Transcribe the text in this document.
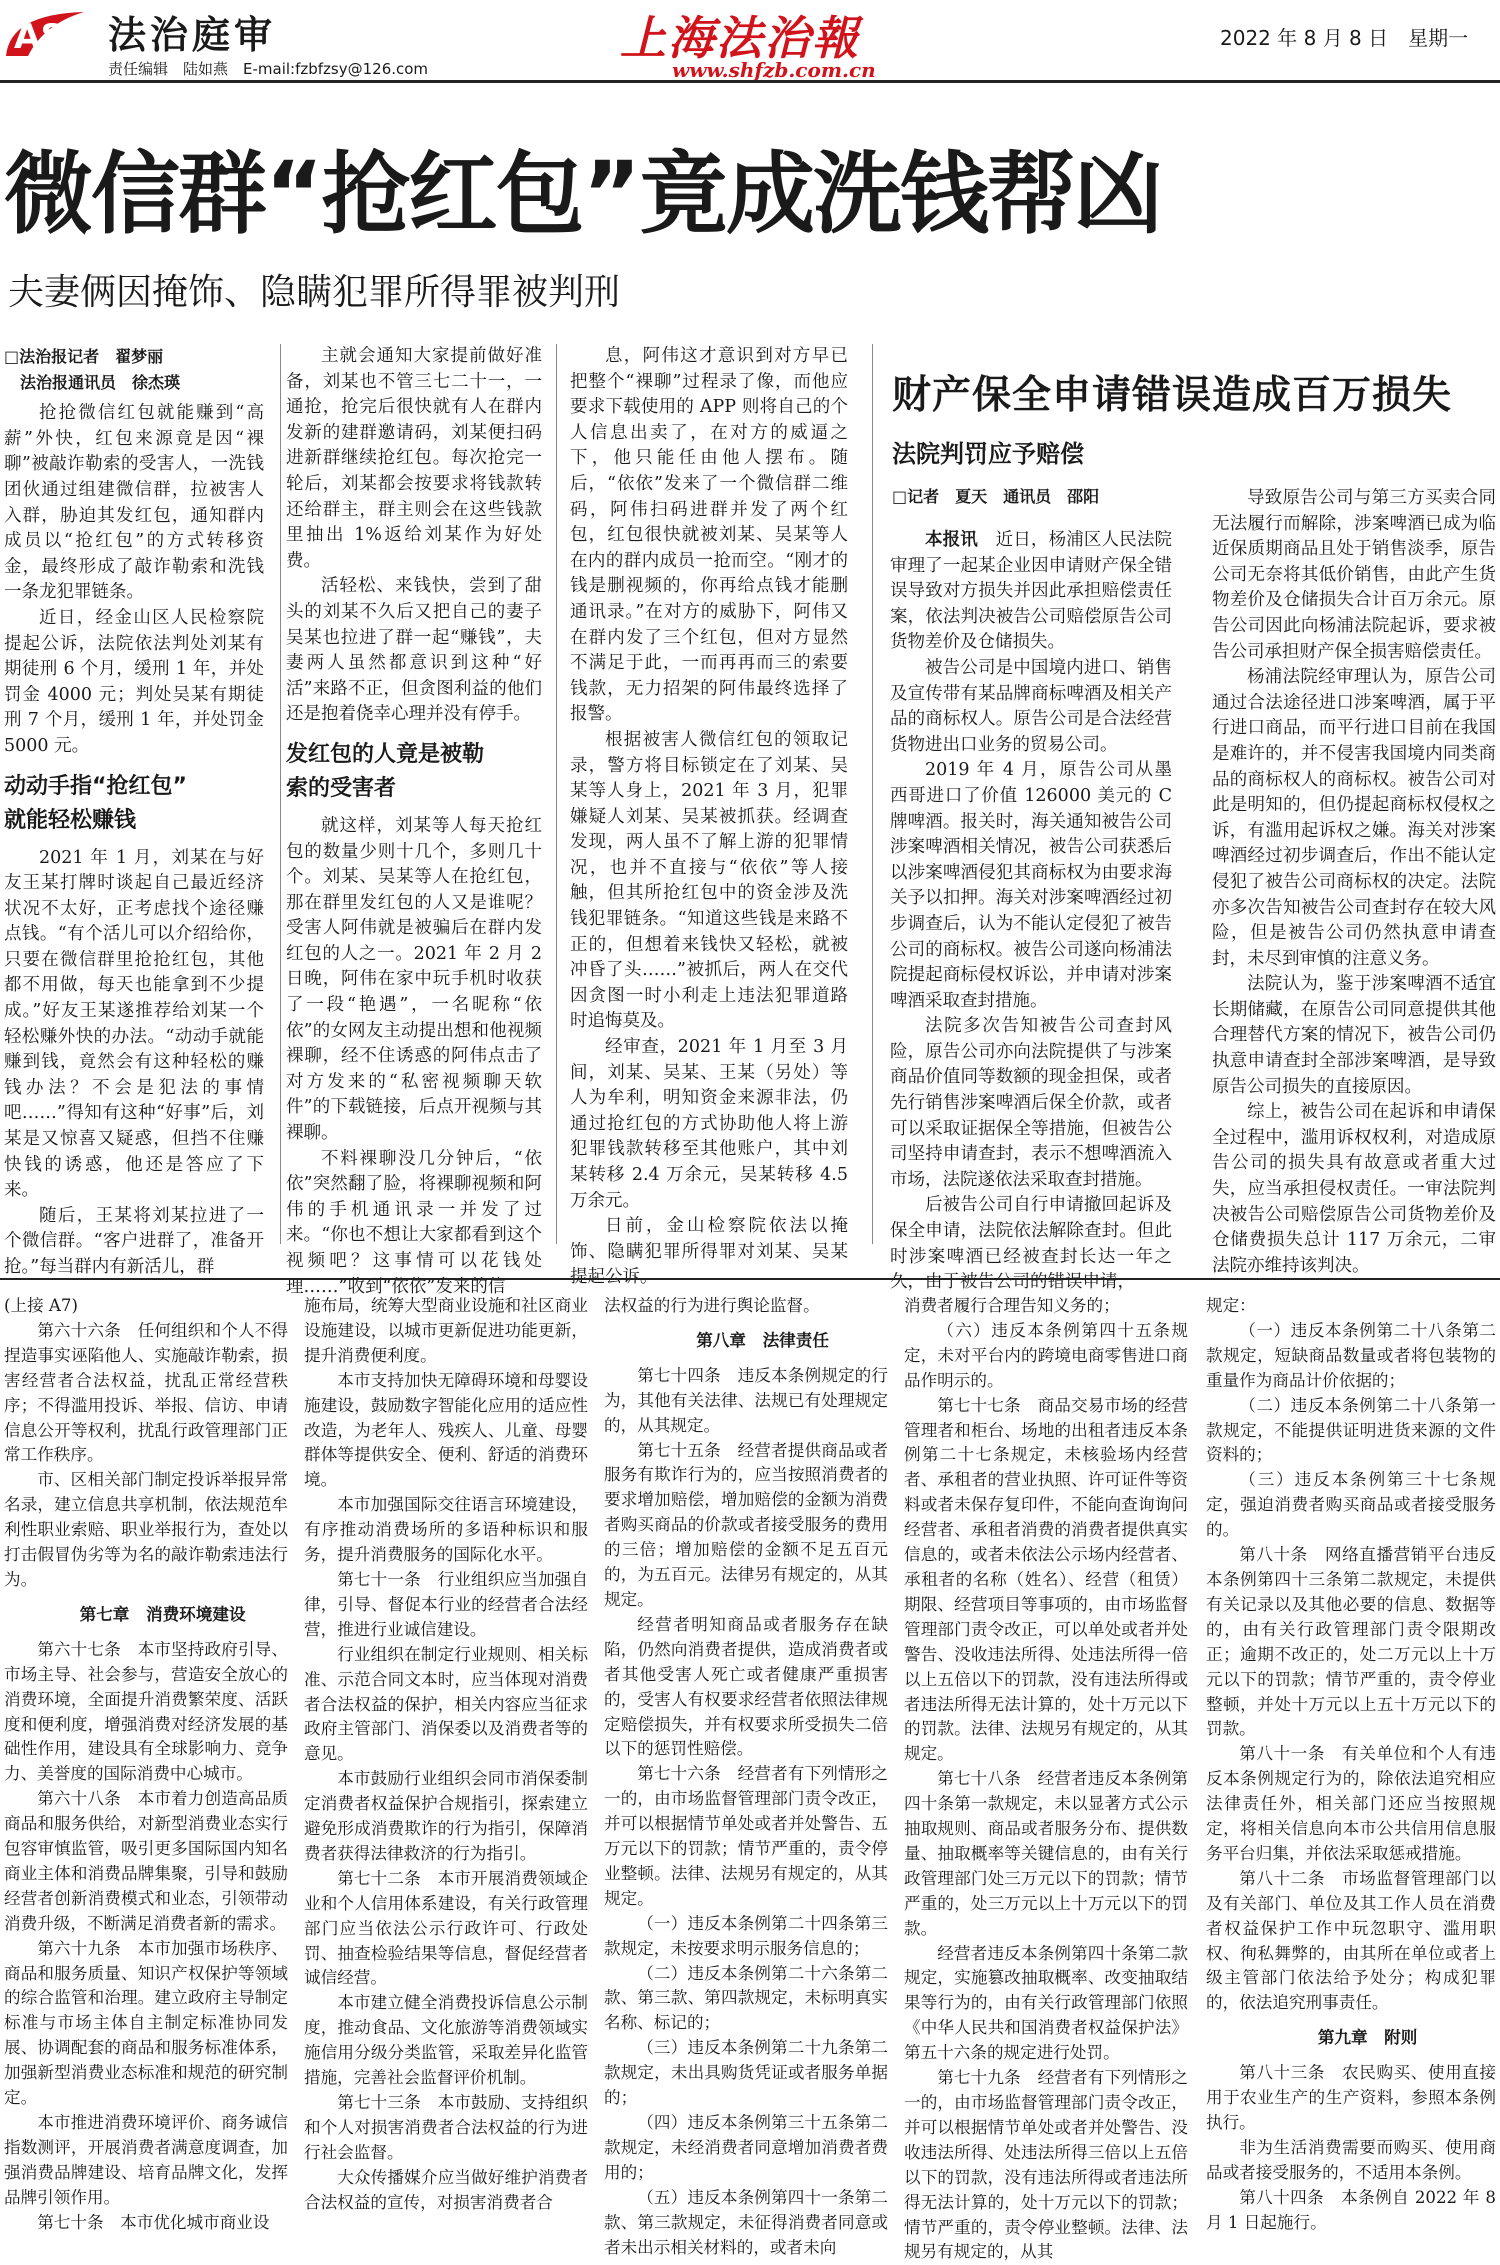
A8 法治庭审
责任编辑　陆如燕　E-mail:fzbfzsy@126.com
上海法治報
www.shfzb.com.cn
2022 年 8 月 8 日　星期一
微信群“抢红包”竟成洗钱帮凶
夫妻俩因掩饰、隐瞒犯罪所得罪被判刑

□法治报记者　翟梦丽

　法治报通讯员　徐杰瑛

抢抢微信红包就能赚到“高薪”外快，红包来源竟是因“裸聊”被敲诈勒索的受害人，一洗钱团伙通过组建微信群，拉被害人入群，胁迫其发红包，通知群内成员以“抢红包”的方式转移资金，最终形成了敲诈勒索和洗钱一条龙犯罪链条。

近日，经金山区人民检察院提起公诉，法院依法判处刘某有期徒刑 6 个月，缓刑 1 年，并处罚金 4000 元；判处吴某有期徒刑 7 个月，缓刑 1 年，并处罚金 5000 元。

动动手指“抢红包”
就能轻松赚钱

2021 年 1 月，刘某在与好友王某打牌时谈起自己最近经济状况不太好，正考虑找个途径赚点钱。“有个活儿可以介绍给你，只要在微信群里抢抢红包，其他都不用做，每天也能拿到不少提成。”好友王某遂推荐给刘某一个轻松赚外快的办法。“动动手就能赚到钱，竟然会有这种轻松的赚钱办法？不会是犯法的事情吧……”得知有这种“好事”后，刘某是又惊喜又疑惑，但挡不住赚快钱的诱惑，他还是答应了下来。

随后，王某将刘某拉进了一个微信群。“客户进群了，准备开抢。”每当群内有新活儿，群

主就会通知大家提前做好准备，刘某也不管三七二十一，一通抢，抢完后很快就有人在群内发新的建群邀请码，刘某便扫码进新群继续抢红包。每次抢完一轮后，刘某都会按要求将钱款转还给群主，群主则会在这些钱款里抽出 1%返给刘某作为好处费。

活轻松、来钱快，尝到了甜头的刘某不久后又把自己的妻子吴某也拉进了群一起“赚钱”，夫妻两人虽然都意识到这种“好活”来路不正，但贪图利益的他们还是抱着侥幸心理并没有停手。

发红包的人竟是被勒
索的受害者

就这样，刘某等人每天抢红包的数量少则十几个，多则几十个。刘某、吴某等人在抢红包，那在群里发红包的人又是谁呢？受害人阿伟就是被骗后在群内发红包的人之一。2021 年 2 月 2 日晚，阿伟在家中玩手机时收获了一段“艳遇”，一名昵称“依依”的女网友主动提出想和他视频裸聊，经不住诱惑的阿伟点击了对方发来的“私密视频聊天软件”的下载链接，后点开视频与其裸聊。

不料裸聊没几分钟后，“依依”突然翻了脸，将裸聊视频和阿伟的手机通讯录一并发了过来。“你也不想让大家都看到这个视频吧？这事情可以花钱处理……”收到“依依”发来的信

息，阿伟这才意识到对方早已把整个“裸聊”过程录了像，而他应要求下载使用的 APP 则将自己的个人信息出卖了，在对方的威逼之下，他只能任由他人摆布。随后，“依依”发来了一个微信群二维码，阿伟扫码进群并发了两个红包，红包很快就被刘某、吴某等人在内的群内成员一抢而空。“刚才的钱是删视频的，你再给点钱才能删通讯录。”在对方的威胁下，阿伟又在群内发了三个红包，但对方显然不满足于此，一而再再而三的索要钱款，无力招架的阿伟最终选择了报警。

根据被害人微信红包的领取记录，警方将目标锁定在了刘某、吴某等人身上，2021 年 3 月，犯罪嫌疑人刘某、吴某被抓获。经调查发现，两人虽不了解上游的犯罪情况，也并不直接与“依依”等人接触，但其所抢红包中的资金涉及洗钱犯罪链条。“知道这些钱是来路不正的，但想着来钱快又轻松，就被冲昏了头……”被抓后，两人在交代因贪图一时小利走上违法犯罪道路时追悔莫及。

经审查，2021 年 1 月至 3 月间，刘某、吴某、王某（另处）等人为牟利，明知资金来源非法，仍通过抢红包的方式协助他人将上游犯罪钱款转移至其他账户，其中刘某转移 2.4 万余元，吴某转移 4.5 万余元。

日前，金山检察院依法以掩饰、隐瞒犯罪所得罪对刘某、吴某提起公诉。

财产保全申请错误造成百万损失
法院判罚应予赔偿
□记者　夏天　通讯员　邵阳

本报讯　近日，杨浦区人民法院审理了一起某企业因申请财产保全错误导致对方损失并因此承担赔偿责任案，依法判决被告公司赔偿原告公司货物差价及仓储损失。

被告公司是中国境内进口、销售及宣传带有某品牌商标啤酒及相关产品的商标权人。原告公司是合法经营货物进出口业务的贸易公司。

2019 年 4 月，原告公司从墨西哥进口了价值 126000 美元的 C 牌啤酒。报关时，海关通知被告公司涉案啤酒相关情况，被告公司获悉后以涉案啤酒侵犯其商标权为由要求海关予以扣押。海关对涉案啤酒经过初步调查后，认为不能认定侵犯了被告公司的商标权。被告公司遂向杨浦法院提起商标侵权诉讼，并申请对涉案啤酒采取查封措施。

法院多次告知被告公司查封风险，原告公司亦向法院提供了与涉案商品价值同等数额的现金担保，或者先行销售涉案啤酒后保全价款，或者可以采取证据保全等措施，但被告公司坚持申请查封，表示不想啤酒流入市场，法院遂依法采取查封措施。

后被告公司自行申请撤回起诉及保全申请，法院依法解除查封。但此时涉案啤酒已经被查封长达一年之久，由于被告公司的错误申请，

导致原告公司与第三方买卖合同无法履行而解除，涉案啤酒已成为临近保质期商品且处于销售淡季，原告公司无奈将其低价销售，由此产生货物差价及仓储损失合计百万余元。原告公司因此向杨浦法院起诉，要求被告公司承担财产保全损害赔偿责任。

杨浦法院经审理认为，原告公司通过合法途径进口涉案啤酒，属于平行进口商品，而平行进口目前在我国是难许的，并不侵害我国境内同类商品的商标权人的商标权。被告公司对此是明知的，但仍提起商标权侵权之诉，有滥用起诉权之嫌。海关对涉案啤酒经过初步调查后，作出不能认定侵犯了被告公司商标权的决定。法院亦多次告知被告公司查封存在较大风险，但是被告公司仍然执意申请查封，未尽到审慎的注意义务。

法院认为，鉴于涉案啤酒不适宜长期储藏，在原告公司同意提供其他合理替代方案的情况下，被告公司仍执意申请查封全部涉案啤酒，是导致原告公司损失的直接原因。

综上，被告公司在起诉和申请保全过程中，滥用诉权权利，对造成原告公司的损失具有故意或者重大过失，应当承担侵权责任。一审法院判决被告公司赔偿原告公司货物差价及仓储费损失总计 117 万余元，二审法院亦维持该判决。

(上接 A7)

第六十六条　任何组织和个人不得捏造事实诬陷他人、实施敲诈勒索，损害经营者合法权益，扰乱正常经营秩序；不得滥用投诉、举报、信访、申请信息公开等权利，扰乱行政管理部门正常工作秩序。

市、区相关部门制定投诉举报异常名录，建立信息共享机制，依法规范牟利性职业索赔、职业举报行为，查处以打击假冒伪劣等为名的敲诈勒索违法行为。

第七章　消费环境建设

第六十七条　本市坚持政府引导、市场主导、社会参与，营造安全放心的消费环境，全面提升消费繁荣度、活跃度和便利度，增强消费对经济发展的基础性作用，建设具有全球影响力、竞争力、美誉度的国际消费中心城市。

第六十八条　本市着力创造高品质商品和服务供给，对新型消费业态实行包容审慎监管，吸引更多国际国内知名商业主体和消费品牌集聚，引导和鼓励经营者创新消费模式和业态，引领带动消费升级，不断满足消费者新的需求。

第六十九条　本市加强市场秩序、商品和服务质量、知识产权保护等领域的综合监管和治理。建立政府主导制定标准与市场主体自主制定标准协同发展、协调配套的商品和服务标准体系，加强新型消费业态标准和规范的研究制定。

本市推进消费环境评价、商务诚信指数测评，开展消费者满意度调查，加强消费品牌建设、培育品牌文化，发挥品牌引领作用。

第七十条　本市优化城市商业设

施布局，统筹大型商业设施和社区商业设施建设，以城市更新促进功能更新，提升消费便利度。

本市支持加快无障碍环境和母婴设施建设，鼓励数字智能化应用的适应性改造，为老年人、残疾人、儿童、母婴群体等提供安全、便利、舒适的消费环境。

本市加强国际交往语言环境建设，有序推动消费场所的多语种标识和服务，提升消费服务的国际化水平。

第七十一条　行业组织应当加强自律，引导、督促本行业的经营者合法经营，推进行业诚信建设。

行业组织在制定行业规则、相关标准、示范合同文本时，应当体现对消费者合法权益的保护，相关内容应当征求政府主管部门、消保委以及消费者等的意见。

本市鼓励行业组织会同市消保委制定消费者权益保护合规指引，探索建立避免形成消费欺诈的行为指引，保障消费者获得法律救济的行为指引。

第七十二条　本市开展消费领域企业和个人信用体系建设，有关行政管理部门应当依法公示行政许可、行政处罚、抽查检验结果等信息，督促经营者诚信经营。

本市建立健全消费投诉信息公示制度，推动食品、文化旅游等消费领域实施信用分级分类监管，采取差异化监管措施，完善社会监督评价机制。

第七十三条　本市鼓励、支持组织和个人对损害消费者合法权益的行为进行社会监督。

大众传播媒介应当做好维护消费者合法权益的宣传，对损害消费者合

法权益的行为进行舆论监督。

第八章　法律责任

第七十四条　违反本条例规定的行为，其他有关法律、法规已有处理规定的，从其规定。

第七十五条　经营者提供商品或者服务有欺诈行为的，应当按照消费者的要求增加赔偿，增加赔偿的金额为消费者购买商品的价款或者接受服务的费用的三倍；增加赔偿的金额不足五百元的，为五百元。法律另有规定的，从其规定。

经营者明知商品或者服务存在缺陷，仍然向消费者提供，造成消费者或者其他受害人死亡或者健康严重损害的，受害人有权要求经营者依照法律规定赔偿损失，并有权要求所受损失二倍以下的惩罚性赔偿。

第七十六条　经营者有下列情形之一的，由市场监督管理部门责令改正，并可以根据情节单处或者并处警告、五万元以下的罚款；情节严重的，责令停业整顿。法律、法规另有规定的，从其规定。

（一）违反本条例第二十四条第三款规定，未按要求明示服务信息的；

（二）违反本条例第二十六条第二款、第三款、第四款规定，未标明真实名称、标记的；

（三）违反本条例第二十九条第二款规定，未出具购货凭证或者服务单据的；

（四）违反本条例第三十五条第二款规定，未经消费者同意增加消费者费用的；

（五）违反本条例第四十一条第二款、第三款规定，未征得消费者同意或者未出示相关材料的，或者未向

消费者履行合理告知义务的；

（六）违反本条例第四十五条规定，未对平台内的跨境电商零售进口商品作明示的。

第七十七条　商品交易市场的经营管理者和柜台、场地的出租者违反本条例第二十七条规定，未核验场内经营者、承租者的营业执照、许可证件等资料或者未保存复印件，不能向查询询问经营者、承租者消费的消费者提供真实信息的，或者未依法公示场内经营者、承租者的名称（姓名）、经营（租赁）期限、经营项目等事项的，由市场监督管理部门责令改正，可以单处或者并处警告、没收违法所得、处违法所得一倍以上五倍以下的罚款，没有违法所得或者违法所得无法计算的，处十万元以下的罚款。法律、法规另有规定的，从其规定。

第七十八条　经营者违反本条例第四十条第一款规定，未以显著方式公示抽取规则、商品或者服务分布、提供数量、抽取概率等关键信息的，由有关行政管理部门处三万元以下的罚款；情节严重的，处三万元以上十万元以下的罚款。

经营者违反本条例第四十条第二款规定，实施篡改抽取概率、改变抽取结果等行为的，由有关行政管理部门依照《中华人民共和国消费者权益保护法》第五十六条的规定进行处罚。

第七十九条　经营者有下列情形之一的，由市场监督管理部门责令改正，并可以根据情节单处或者并处警告、没收违法所得、处违法所得三倍以上五倍以下的罚款，没有违法所得或者违法所得无法计算的，处十万元以下的罚款；情节严重的，责令停业整顿。法律、法规另有规定的，从其

规定：

（一）违反本条例第二十八条第二款规定，短缺商品数量或者将包装物的重量作为商品计价依据的；

（二）违反本条例第二十八条第一款规定，不能提供证明进货来源的文件资料的；

（三）违反本条例第三十七条规定，强迫消费者购买商品或者接受服务的。

第八十条　网络直播营销平台违反本条例第四十三条第二款规定，未提供有关记录以及其他必要的信息、数据等的，由有关行政管理部门责令限期改正；逾期不改正的，处二万元以上十万元以下的罚款；情节严重的，责令停业整顿，并处十万元以上五十万元以下的罚款。

第八十一条　有关单位和个人有违反本条例规定行为的，除依法追究相应法律责任外，相关部门还应当按照规定，将相关信息向本市公共信用信息服务平台归集，并依法采取惩戒措施。

第八十二条　市场监督管理部门以及有关部门、单位及其工作人员在消费者权益保护工作中玩忽职守、滥用职权、徇私舞弊的，由其所在单位或者上级主管部门依法给予处分；构成犯罪的，依法追究刑事责任。

第九章　附则

第八十三条　农民购买、使用直接用于农业生产的生产资料，参照本条例执行。

非为生活消费需要而购买、使用商品或者接受服务的，不适用本条例。

第八十四条　本条例自 2022 年 8 月 1 日起施行。
